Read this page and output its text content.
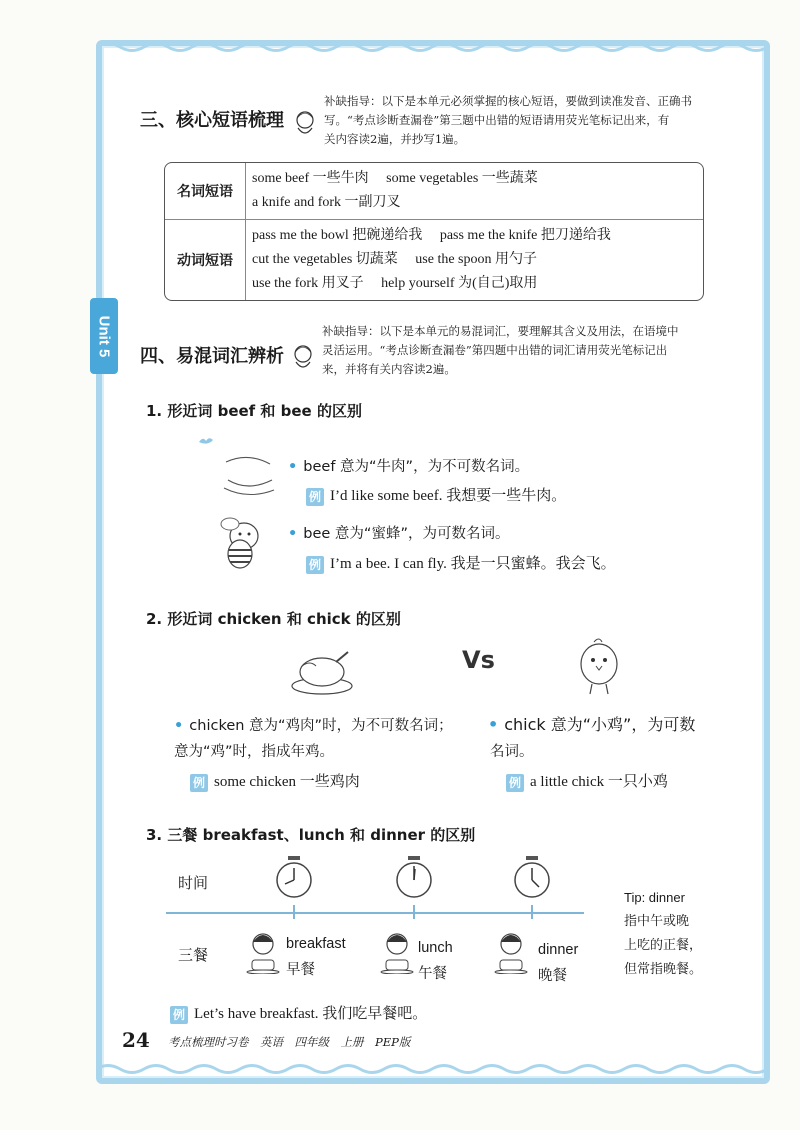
Unit 5
三、核心短语梳理
补缺指导：以下是本单元必须掌握的核心短语，要做到读准发音、正确书
写。“考点诊断查漏卷”第三题中出错的短语请用荧光笔标记出来，有
关内容读2遍，并抄写1遍。
名词短语	some beef 一些牛肉　 some vegetables 一些蔬菜
a knife and fork 一副刀叉

动词短语	pass me the bowl 把碗递给我　 pass me the knife 把刀递给我
cut the vegetables 切蔬菜　 use the spoon 用勺子
use the fork 用叉子　 help yourself 为(自己)取用
四、易混词汇辨析
补缺指导：以下是本单元的易混词汇，要理解其含义及用法，在语境中
灵活运用。“考点诊断查漏卷”第四题中出错的词汇请用荧光笔标记出
来，并将有关内容读2遍。
1. 形近词 beef 和 bee 的区别
• beef 意为“牛肉”，为不可数名词。
例 I’d like some beef. 我想要一些牛肉。
• bee 意为“蜜蜂”，为可数名词。
例 I’m a bee. I can fly. 我是一只蜜蜂。我会飞。
2. 形近词 chicken 和 chick 的区别
Vs
• chicken 意为“鸡肉”时，为不可数名词；
意为“鸡”时，指成年鸡。
例 some chicken 一些鸡肉
• chick 意为“小鸡”，为可数
名词。
例 a little chick 一只小鸡
3. 三餐 breakfast、lunch 和 dinner 的区别
时间
三餐
breakfast
早餐
lunch
午餐
dinner
晚餐
Tip: dinner
指中午或晚
上吃的正餐，
但常指晚餐。
例 Let’s have breakfast. 我们吃早餐吧。
24 考点梳理时习卷　英语　四年级　上册　PEP版
